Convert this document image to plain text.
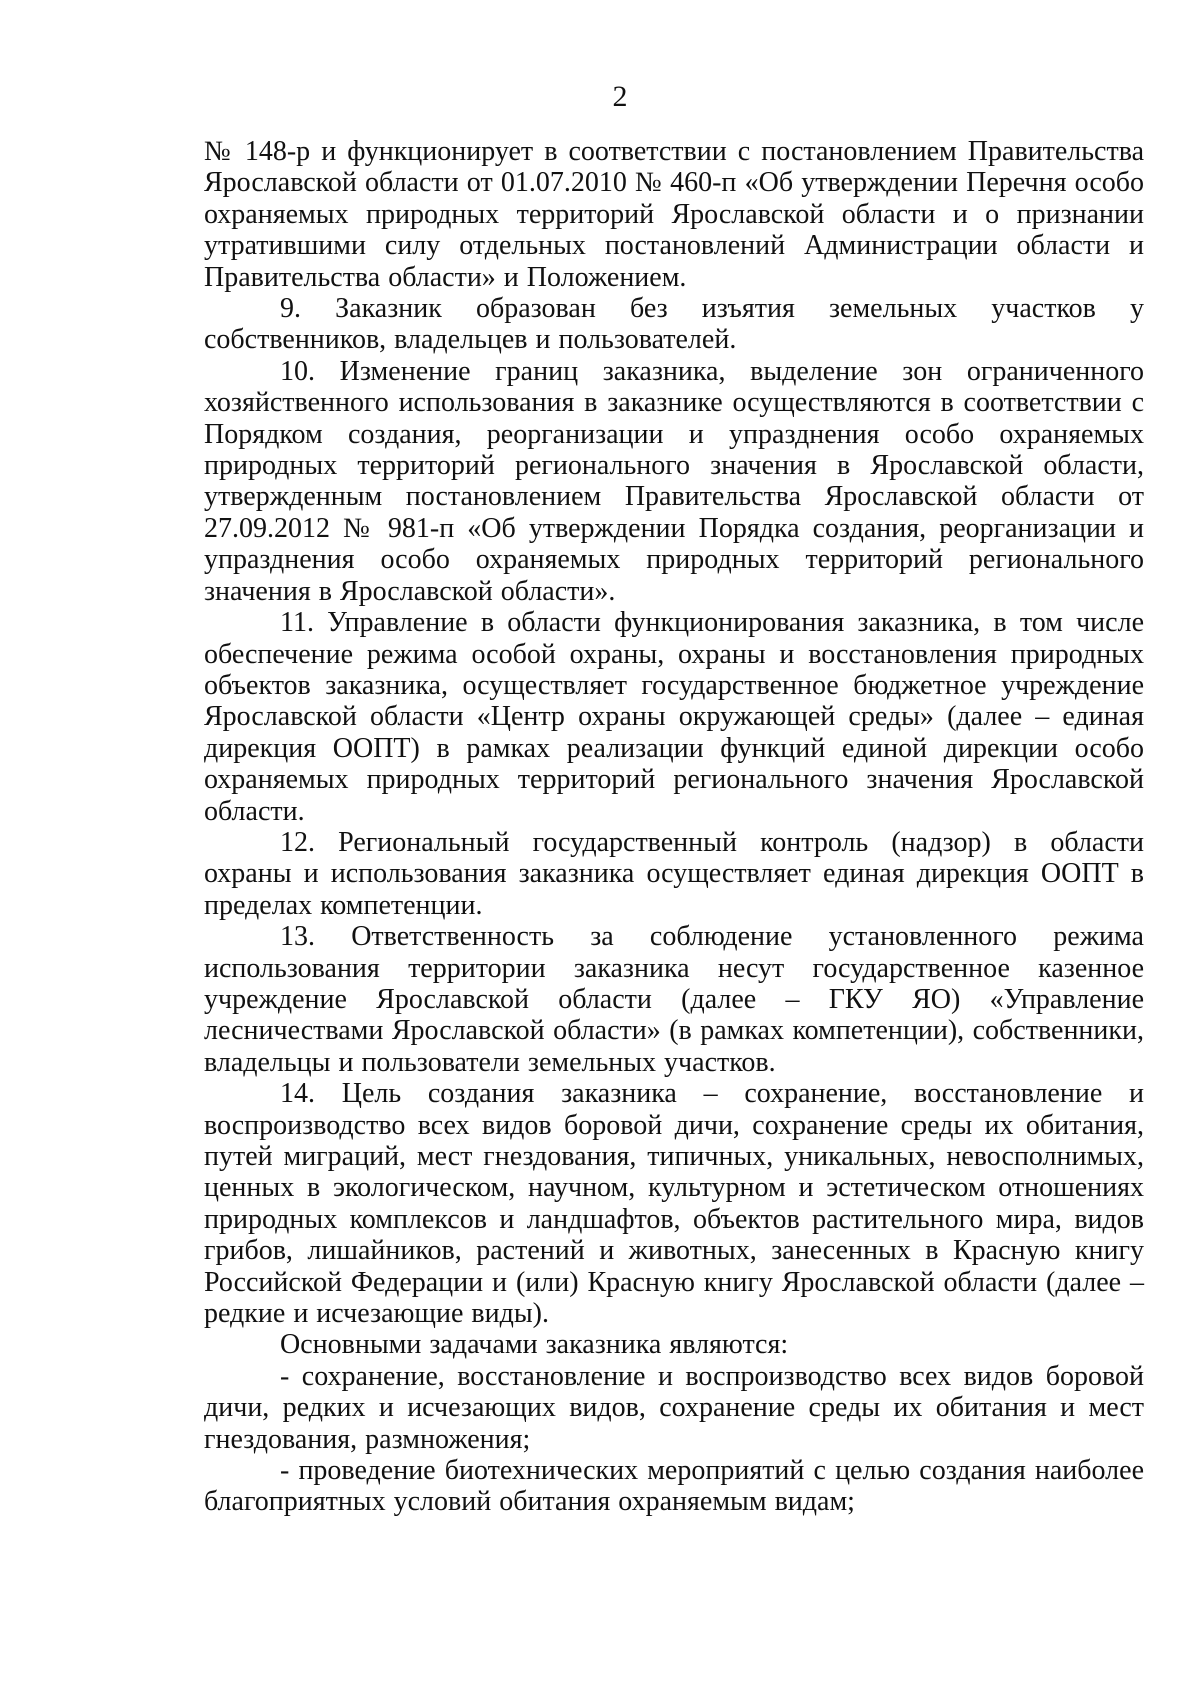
2

№ 148-р и функционирует в соответствии с постановлением Правительства Ярославской области от 01.07.2010 № 460-п «Об утверждении Перечня особо охраняемых природных территорий Ярославской области и о признании утратившими силу отдельных постановлений Администрации области и Правительства области» и Положением.

9. Заказник образован без изъятия земельных участков у собственников, владельцев и пользователей.

10. Изменение границ заказника, выделение зон ограниченного хозяйственного использования в заказнике осуществляются в соответствии с Порядком создания, реорганизации и упразднения особо охраняемых природных территорий регионального значения в Ярославской области, утвержденным постановлением Правительства Ярославской области от 27.09.2012 № 981-п «Об утверждении Порядка создания, реорганизации и упразднения особо охраняемых природных территорий регионального значения в Ярославской области».

11. Управление в области функционирования заказника, в том числе обеспечение режима особой охраны, охраны и восстановления природных объектов заказника, осуществляет государственное бюджетное учреждение Ярославской области «Центр охраны окружающей среды» (далее – единая дирекция ООПТ) в рамках реализации функций единой дирекции особо охраняемых природных территорий регионального значения Ярославской области.

12. Региональный государственный контроль (надзор) в области охраны и использования заказника осуществляет единая дирекция ООПТ в пределах компетенции.

13. Ответственность за соблюдение установленного режима использования территории заказника несут государственное казенное учреждение Ярославской области (далее – ГКУ ЯО) «Управление лесничествами Ярославской области» (в рамках компетенции), собственники, владельцы и пользователи земельных участков.

14. Цель создания заказника – сохранение, восстановление и воспроизводство всех видов боровой дичи, сохранение среды их обитания, путей миграций, мест гнездования, типичных, уникальных, невосполнимых, ценных в экологическом, научном, культурном и эстетическом отношениях природных комплексов и ландшафтов, объектов растительного мира, видов грибов, лишайников, растений и животных, занесенных в Красную книгу Российской Федерации и (или) Красную книгу Ярославской области (далее – редкие и исчезающие виды).

Основными задачами заказника являются:

- сохранение, восстановление и воспроизводство всех видов боровой дичи, редких и исчезающих видов, сохранение среды их обитания и мест гнездования, размножения;

- проведение биотехнических мероприятий с целью создания наиболее благоприятных условий обитания охраняемым видам;
